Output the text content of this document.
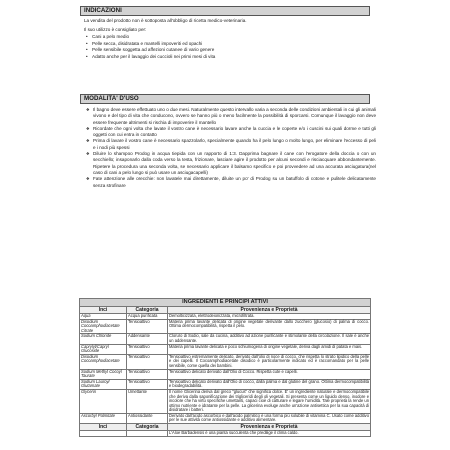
INDICAZIONI

La vendita del prodotto non è sottoposta all'obbligo di ricetta medico-veterinaria.

Il suo utilizzo è consigliato per:

• Cani a pelo medio
• Pelle secca, disidratata e mantelli impoveriti ed opachi
• Pelle sensibile soggetta ad affezioni cutanee di vario genere
• Adatto anche per il lavaggio dei cuccioli nei primi mesi di vita
MODALITA' D'USO
❖ Il bagno deve essere effettuato uno o due mesi. Naturalmente questo intervallo varia a seconda delle condizioni ambientali in cui gli animali vivono e del tipo di vita che conducono, ovvero se hanno più o meno facilmente la possibilità di sporcarsi. Comunque il lavaggio non deve essere frequente altrimenti si rischia di impoverire il mantello
❖ Ricordate che ogni volta che lavate il vostro cane è necessario lavare anche la cuccia e le coperte e/o i cuscini sui quali dorme e tutti gli oggetti con cui entra in contatto
❖ Prima di lavare il vostro cane è necessario spazzolarlo, specialmente quando ha il pelo lungo o molto lungo, per eliminare l'eccesso di peli e i nodi più spessi
❖ Diluire lo shampoo Prodog in acqua tiepida con un rapporto di 1:3. Dapprima bagnare il cane con l'erogatore della doccia o con un secchiello; insaponarlo dalla coda verso la testa, frizionare, lasciare agire il prodotto per alcuni secondi e risciacquare abbondantemente. Ripetere la procedura una seconda volta, se necessario applicare il balsamo specifico e poi provvedere ad una accurata asciugatura(nel caso di cani a pelo lungo si può usare un asciugacapelli)
❖ Fate attenzione alle orecchie: non lavatele mai direttamente, diluite un po' di Prodog su un batuffolo di cotone e pulitele delicatamente senza strofinare
INGREDIENTI E PRINCIPI ATTIVI		
Inci	Categoria	Provenienza e Proprietà
Aqua	Acqua purificata	Demolticizzata, elettrodeionizzata, microfiltrata.
Disodium Cocoamphodiacetate Citrate	Tensioattivo	Materia prima lavante delicata di origine vegetale derivante dallo zucchero (glucosio) di palma di cocco. Ottima dermocompatibilità, rispetta il pelo.
Sodium Chloride	Addensante	Cloruro di Sodio, sale da cucina, additivo ad azione purificante e stimolante della circolazione. Il sale è anche un addensante.
Caprylyl/Capryl Glucoside	Tensioattivo	Materia prima lavante delicata e poco schiumogena di origine vegetale, deriva dagli amidi di patata e mais.
Disodium Cocoamphodiacetate	Tensioattivo	Tensioattivo estremamente delicato, derivato dall'olio di noce di cocco, che rispetta lo strato lipidico della pelle e dei capelli. Il Cocoamphodiacetate disodico è particolarmente indicato ed è raccomandato per la pelle sensibile, come quella dei bambini.
Sodium Methyl Cocoyl Taurate	Tensioattivo	Tensioattivo delicato derivato dall'Olio di Cocco. Rispetta cute e capelli.
Sodium Lauroyl Glutamate	Tensioattivo	Tensioattivo delicato derivato dall'Olio di cocco, dalla palma e dal glutine del grano. Ottima dermocompatibilità e biodegradabilità.
Glycerin	Umettante	Il nome Glicerina deriva dal greco "glucus" che significa dolce. E' un ingrediente naturale e dermocompatibile che deriva dalla saponificazione dei trigliceridi degli oli vegetali. Si presenta come un liquido denso, inodore e incolore che ha virtù specifiche umettanti, capaci cioè di catturare e legare l'umidità. Tale proprietà la rende un ottimo nutriente e idratante per la pelle. La glicerina evoluge anche un'azione antisettica per la sua capacità di disidratare i batteri.
Ascorbyl Palmitate	Antiossidante	Derivato dall'acido ascorbico e dall'acido palmitico è una forma più solubile di vitamina C. Usato come additivo per le sue attività come antiossidante e additivo alimentare.
Inci	Categoria	Provenienza e Proprietà
		L'Aloe Barbadensis è una pianta succulenta che predilige il clima caldo.
